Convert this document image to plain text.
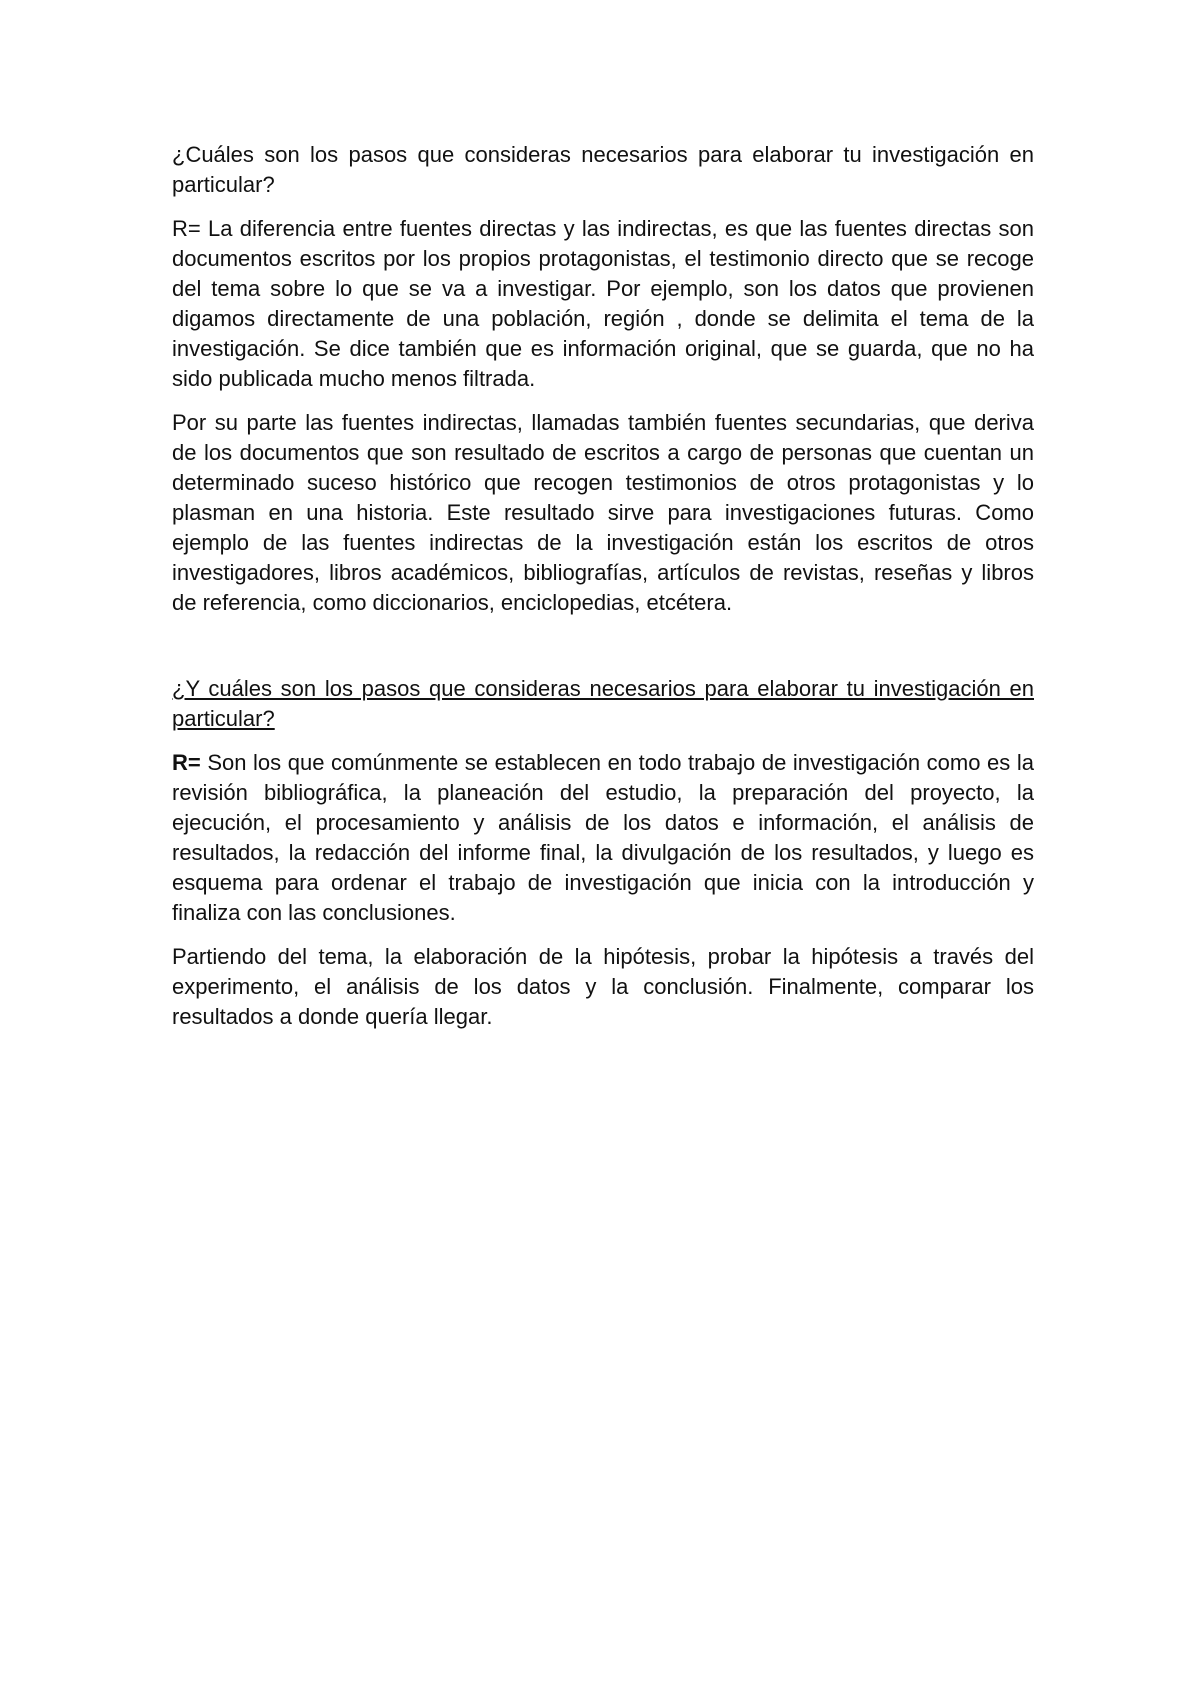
¿Cuáles son los pasos que consideras necesarios para elaborar tu investigación en particular?

R= La diferencia entre fuentes directas y las indirectas, es que las fuentes directas son documentos escritos por los propios protagonistas, el testimonio directo que se recoge del tema sobre lo que se va a investigar. Por ejemplo, son los datos que provienen digamos directamente de una población, región , donde se delimita el tema de la investigación. Se dice también que es información original, que se guarda, que no ha sido publicada mucho menos filtrada.

Por su parte las fuentes indirectas, llamadas también fuentes secundarias, que deriva de los documentos que son resultado de escritos a cargo de personas que cuentan un determinado suceso histórico que recogen testimonios de otros protagonistas y lo plasman en una historia. Este resultado sirve para investigaciones futuras. Como ejemplo de las fuentes indirectas de la investigación están los escritos de otros investigadores, libros académicos, bibliografías, artículos de revistas, reseñas y libros de referencia, como diccionarios, enciclopedias, etcétera.

¿Y cuáles son los pasos que consideras necesarios para elaborar tu investigación en particular?

R= Son los que comúnmente se establecen en todo trabajo de investigación como es la revisión bibliográfica, la planeación del estudio, la preparación del proyecto, la ejecución, el procesamiento y análisis de los datos e información, el análisis de resultados, la redacción del informe final, la divulgación de los resultados, y luego es esquema para ordenar el trabajo de investigación que inicia con la introducción y finaliza con las conclusiones.

Partiendo del tema, la elaboración de la hipótesis, probar la hipótesis a través del experimento, el análisis de los datos y la conclusión. Finalmente, comparar los resultados a donde quería llegar.
